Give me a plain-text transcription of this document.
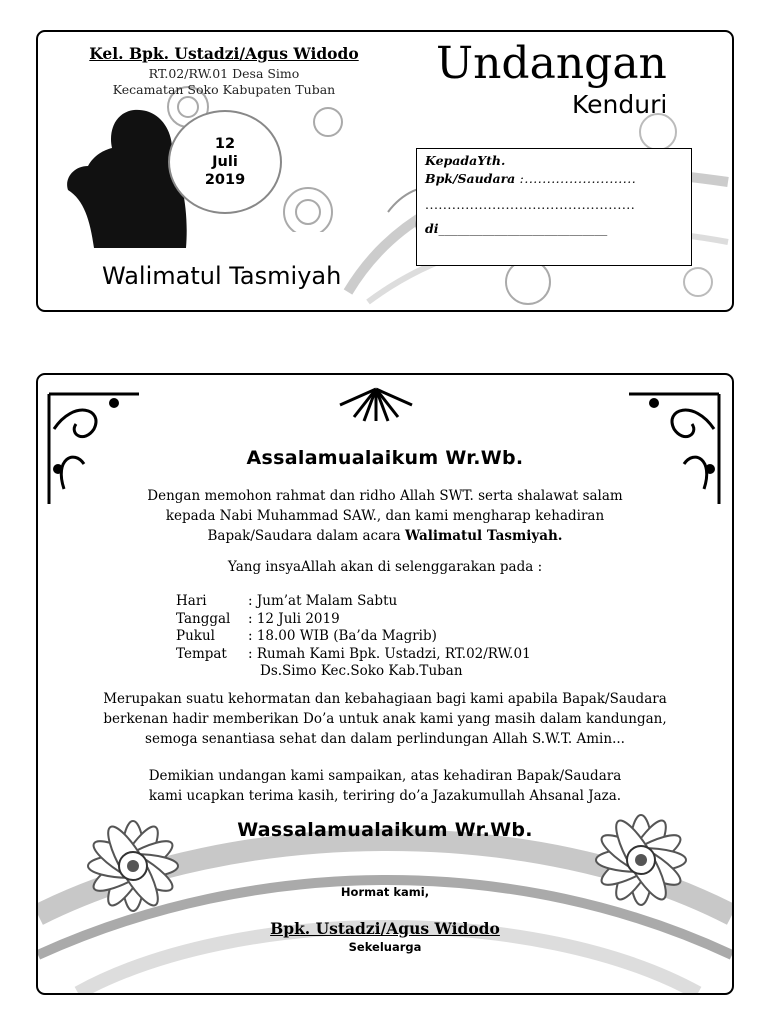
Kel. Bpk. Ustadzi/Agus Widodo
RT.02/RW.01 Desa Simo
Kecamatan Soko Kabupaten Tuban
12
Juli
2019
Undangan
Kenduri
KepadaYth.
Bpk/Saudara :.........................
...............................................
di___________________________
Walimatul Tasmiyah
Assalamualaikum Wr.Wb.
Dengan memohon rahmat dan ridho Allah SWT. serta shalawat salam
kepada Nabi Muhammad SAW., dan kami mengharap kehadiran
Bapak/Saudara dalam acara Walimatul Tasmiyah.
Yang insyaAllah akan di selenggarakan pada :
Hari	: Jum’at Malam Sabtu
Tanggal : 12 Juli 2019
Pukul : 18.00 WIB (Ba’da Magrib)
Tempat : Rumah Kami Bpk. Ustadzi, RT.02/RW.01
Ds.Simo Kec.Soko Kab.Tuban
Merupakan suatu kehormatan dan kebahagiaan bagi kami apabila Bapak/Saudara
berkenan hadir memberikan Do’a untuk anak kami yang masih dalam kandungan,
semoga senantiasa sehat dan dalam perlindungan Allah S.W.T. Amin...
Demikian undangan kami sampaikan, atas kehadiran Bapak/Saudara
kami ucapkan terima kasih, teriring do’a Jazakumullah Ahsanal Jaza.
Wassalamualaikum Wr.Wb.
Hormat kami,
Bpk. Ustadzi/Agus Widodo
Sekeluarga
